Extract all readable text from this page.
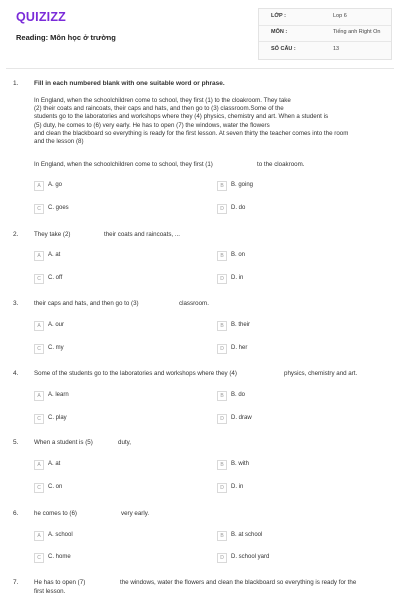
QUIZIZZ
Reading: Môn học ở trường
LỚP :	Lop 6
MÔN :	Tiếng anh Right On
SỐ CÂU :	13
1. Fill in each numbered blank with one suitable word or phrase.
In England, when the schoolchildren come to school, they first (1) to the cloakroom. They take
(2) their coats and raincoats, their caps and hats, and then go to (3) classroom.Some of the
students go to the laboratories and workshops where they (4) physics, chemistry and art. When a student is
(5) duty, he comes to (6) very early. He has to open (7) the windows, water the flowers
and clean the blackboard so everything is ready for the first lesson. At seven thirty the teacher comes into the room
and the lesson (8)
In England, when the schoolchildren come to school, they first (1)	to the cloakroom.
A	A. go	B	B. going
C	C. goes	D	D. do
2.	They take (2)	their coats and raincoats, ...
A	A. at	B	B. on
C	C. off	D	D. in
3.	their caps and hats, and then go to (3)	classroom.
A	A. our	B	B. their
C	C. my	D	D. her
4.	Some of the students go to the laboratories and workshops where they (4)	physics, chemistry and art.
A	A. learn	B	B. do
C	C. play	D	D. draw
5.	When a student is (5)	duty,
A	A. at	B	B. with
C	C. on	D	D. in
6.	he comes to (6)	very early.
A	A. school	B	B. at school
C	C. home	D	D. school yard
7.	He has to open (7)
first lesson.
the windows, water the flowers and clean the blackboard so everything is ready for the
